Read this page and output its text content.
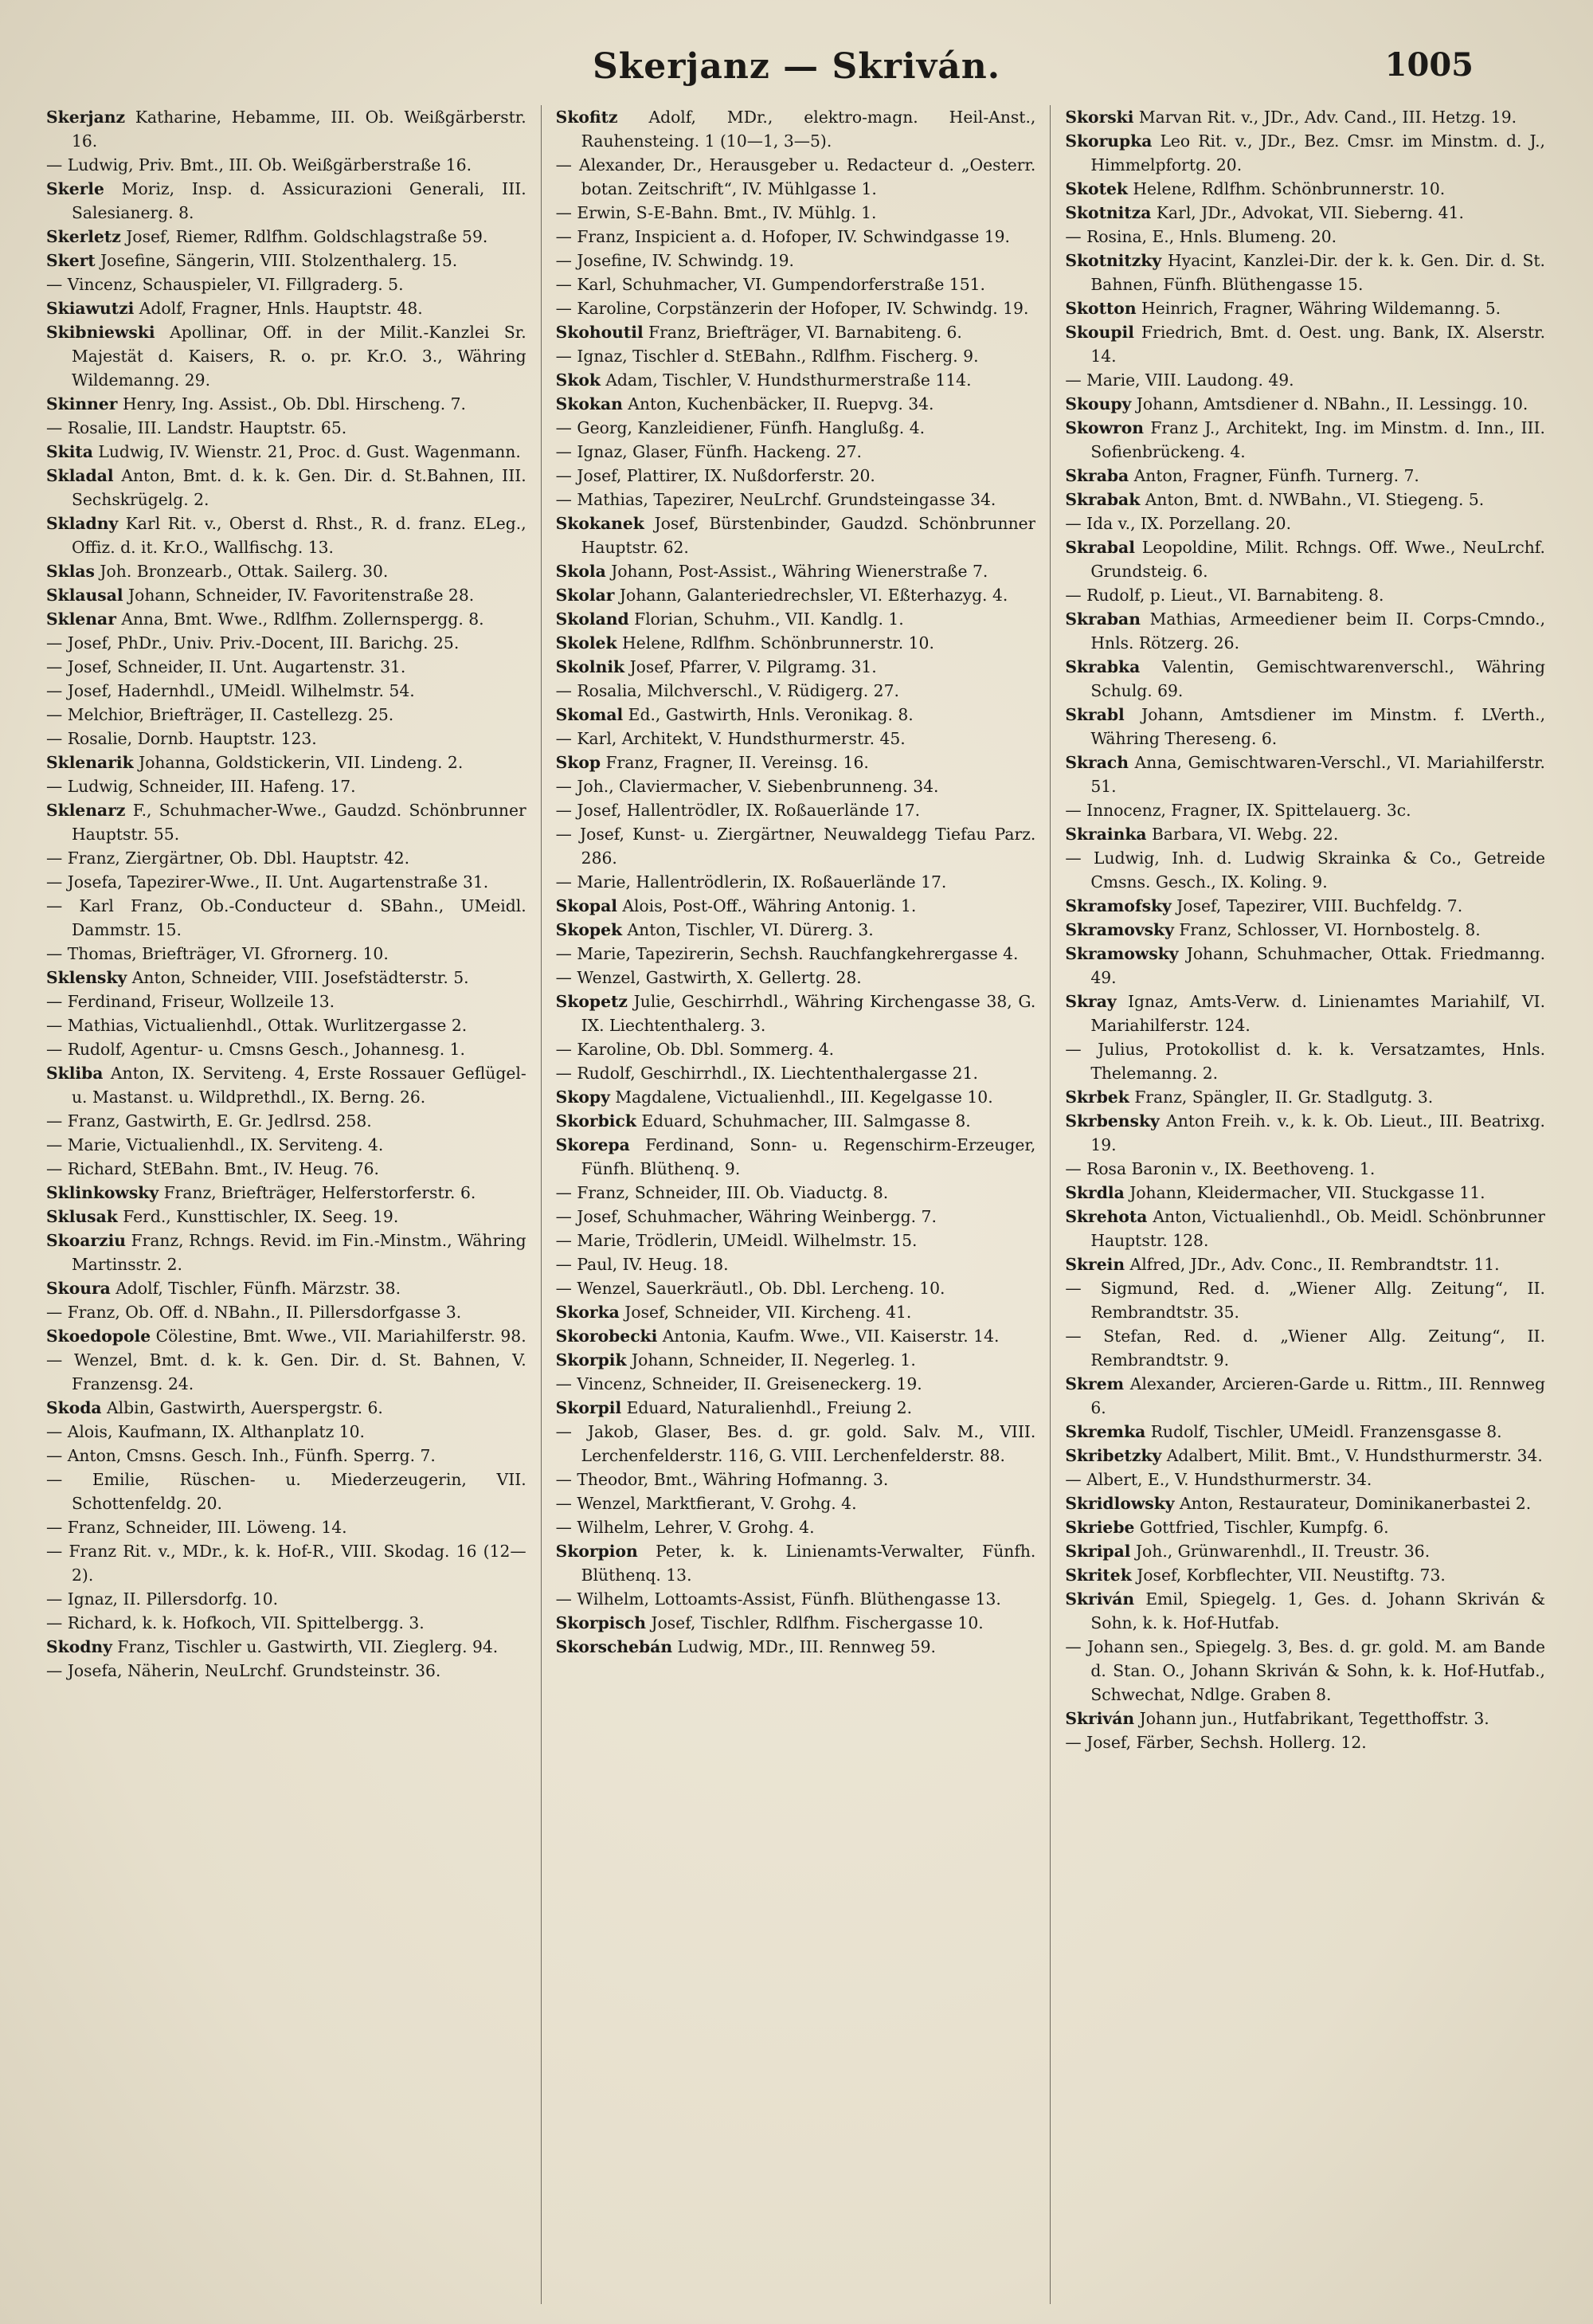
Skerjanz — Skriván.	1005

Skerjanz Katharine, Hebamme, III. Ob. Weißgärberstr. 16.

— Ludwig, Priv. Bmt., III. Ob. Weißgärberstraße 16.

Skerle Moriz, Insp. d. Assicurazioni Generali, III. Salesianerg. 8.

Skerletz Josef, Riemer, Rdlfhm. Goldschlagstraße 59.

Skert Josefine, Sängerin, VIII. Stolzenthalerg. 15.

— Vincenz, Schauspieler, VI. Fillgraderg. 5.

Skiawutzi Adolf, Fragner, Hnls. Hauptstr. 48.

Skibniewski Apollinar, Off. in der Milit.-Kanzlei Sr. Majestät d. Kaisers, R. o. pr. Kr.O. 3., Währing Wildemanng. 29.

Skinner Henry, Ing. Assist., Ob. Dbl. Hirscheng. 7.

— Rosalie, III. Landstr. Hauptstr. 65.

Skita Ludwig, IV. Wienstr. 21, Proc. d. Gust. Wagenmann.

Skladal Anton, Bmt. d. k. k. Gen. Dir. d. St.Bahnen, III. Sechskrügelg. 2.

Skladny Karl Rit. v., Oberst d. Rhst., R. d. franz. ELeg., Offiz. d. it. Kr.O., Wallfischg. 13.

Sklas Joh. Bronzearb., Ottak. Sailerg. 30.

Sklausal Johann, Schneider, IV. Favoritenstraße 28.

Sklenar Anna, Bmt. Wwe., Rdlfhm. Zollernspergg. 8.

— Josef, PhDr., Univ. Priv.-Docent, III. Barichg. 25.

— Josef, Schneider, II. Unt. Augartenstr. 31.

— Josef, Hadernhdl., UMeidl. Wilhelmstr. 54.

— Melchior, Briefträger, II. Castellezg. 25.

— Rosalie, Dornb. Hauptstr. 123.

Sklenarik Johanna, Goldstickerin, VII. Lindeng. 2.

— Ludwig, Schneider, III. Hafeng. 17.

Sklenarz F., Schuhmacher-Wwe., Gaudzd. Schönbrunner Hauptstr. 55.

— Franz, Ziergärtner, Ob. Dbl. Hauptstr. 42.

— Josefa, Tapezirer-Wwe., II. Unt. Augartenstraße 31.

— Karl Franz, Ob.-Conducteur d. SBahn., UMeidl. Dammstr. 15.

— Thomas, Briefträger, VI. Gfrornerg. 10.

Sklensky Anton, Schneider, VIII. Josefstädterstr. 5.

— Ferdinand, Friseur, Wollzeile 13.

— Mathias, Victualienhdl., Ottak. Wurlitzergasse 2.

— Rudolf, Agentur- u. Cmsns Gesch., Johannesg. 1.

Skliba Anton, IX. Serviteng. 4, Erste Rossauer Geflügel- u. Mastanst. u. Wildprethdl., IX. Berng. 26.

— Franz, Gastwirth, E. Gr. Jedlrsd. 258.

— Marie, Victualienhdl., IX. Serviteng. 4.

— Richard, StEBahn. Bmt., IV. Heug. 76.

Sklinkowsky Franz, Briefträger, Helferstorferstr. 6.

Sklusak Ferd., Kunsttischler, IX. Seeg. 19.

Skoarziu Franz, Rchngs. Revid. im Fin.-Minstm., Währing Martinsstr. 2.

Skoura Adolf, Tischler, Fünfh. Märzstr. 38.

— Franz, Ob. Off. d. NBahn., II. Pillersdorfgasse 3.

Skoedopole Cölestine, Bmt. Wwe., VII. Mariahilferstr. 98.

— Wenzel, Bmt. d. k. k. Gen. Dir. d. St. Bahnen, V. Franzensg. 24.

Skoda Albin, Gastwirth, Auerspergstr. 6.

— Alois, Kaufmann, IX. Althanplatz 10.

— Anton, Cmsns. Gesch. Inh., Fünfh. Sperrg. 7.

— Emilie, Rüschen- u. Miederzeugerin, VII. Schottenfeldg. 20.

— Franz, Schneider, III. Löweng. 14.

— Franz Rit. v., MDr., k. k. Hof-R., VIII. Skodag. 16 (12—2).

— Ignaz, II. Pillersdorfg. 10.

— Richard, k. k. Hofkoch, VII. Spittelbergg. 3.

Skodny Franz, Tischler u. Gastwirth, VII. Zieglerg. 94.

— Josefa, Näherin, NeuLrchf. Grundsteinstr. 36.

Skofitz Adolf, MDr., elektro-magn. Heil-Anst., Rauhensteing. 1 (10—1, 3—5).

— Alexander, Dr., Herausgeber u. Redacteur d. „Oesterr. botan. Zeitschrift“, IV. Mühlgasse 1.

— Erwin, S-E-Bahn. Bmt., IV. Mühlg. 1.

— Franz, Inspicient a. d. Hofoper, IV. Schwindgasse 19.

— Josefine, IV. Schwindg. 19.

— Karl, Schuhmacher, VI. Gumpendorferstraße 151.

— Karoline, Corpstänzerin der Hofoper, IV. Schwindg. 19.

Skohoutil Franz, Briefträger, VI. Barnabiteng. 6.

— Ignaz, Tischler d. StEBahn., Rdlfhm. Fischerg. 9.

Skok Adam, Tischler, V. Hundsthurmerstraße 114.

Skokan Anton, Kuchenbäcker, II. Ruepvg. 34.

— Georg, Kanzleidiener, Fünfh. Hanglußg. 4.

— Ignaz, Glaser, Fünfh. Hackeng. 27.

— Josef, Plattirer, IX. Nußdorferstr. 20.

— Mathias, Tapezirer, NeuLrchf. Grundsteingasse 34.

Skokanek Josef, Bürstenbinder, Gaudzd. Schönbrunner Hauptstr. 62.

Skola Johann, Post-Assist., Währing Wienerstraße 7.

Skolar Johann, Galanteriedrechsler, VI. Eßterhazyg. 4.

Skoland Florian, Schuhm., VII. Kandlg. 1.

Skolek Helene, Rdlfhm. Schönbrunnerstr. 10.

Skolnik Josef, Pfarrer, V. Pilgramg. 31.

— Rosalia, Milchverschl., V. Rüdigerg. 27.

Skomal Ed., Gastwirth, Hnls. Veronikag. 8.

— Karl, Architekt, V. Hundsthurmerstr. 45.

Skop Franz, Fragner, II. Vereinsg. 16.

— Joh., Claviermacher, V. Siebenbrunneng. 34.

— Josef, Hallentrödler, IX. Roßauerlände 17.

— Josef, Kunst- u. Ziergärtner, Neuwaldegg Tiefau Parz. 286.

— Marie, Hallentrödlerin, IX. Roßauerlände 17.

Skopal Alois, Post-Off., Währing Antonig. 1.

Skopek Anton, Tischler, VI. Dürerg. 3.

— Marie, Tapezirerin, Sechsh. Rauchfangkehrergasse 4.

— Wenzel, Gastwirth, X. Gellertg. 28.

Skopetz Julie, Geschirrhdl., Währing Kirchengasse 38, G. IX. Liechtenthalerg. 3.

— Karoline, Ob. Dbl. Sommerg. 4.

— Rudolf, Geschirrhdl., IX. Liechtenthalergasse 21.

Skopy Magdalene, Victualienhdl., III. Kegelgasse 10.

Skorbick Eduard, Schuhmacher, III. Salmgasse 8.

Skorepa Ferdinand, Sonn- u. Regenschirm-Erzeuger, Fünfh. Blüthenq. 9.

— Franz, Schneider, III. Ob. Viaductg. 8.

— Josef, Schuhmacher, Währing Weinbergg. 7.

— Marie, Trödlerin, UMeidl. Wilhelmstr. 15.

— Paul, IV. Heug. 18.

— Wenzel, Sauerkräutl., Ob. Dbl. Lercheng. 10.

Skorka Josef, Schneider, VII. Kircheng. 41.

Skorobecki Antonia, Kaufm. Wwe., VII. Kaiserstr. 14.

Skorpik Johann, Schneider, II. Negerleg. 1.

— Vincenz, Schneider, II. Greiseneckerg. 19.

Skorpil Eduard, Naturalienhdl., Freiung 2.

— Jakob, Glaser, Bes. d. gr. gold. Salv. M., VIII. Lerchenfelderstr. 116, G. VIII. Lerchenfelderstr. 88.

— Theodor, Bmt., Währing Hofmanng. 3.

— Wenzel, Marktfierant, V. Grohg. 4.

— Wilhelm, Lehrer, V. Grohg. 4.

Skorpion Peter, k. k. Linienamts-Verwalter, Fünfh. Blüthenq. 13.

— Wilhelm, Lottoamts-Assist, Fünfh. Blüthengasse 13.

Skorpisch Josef, Tischler, Rdlfhm. Fischergasse 10.

Skorschebán Ludwig, MDr., III. Rennweg 59.

Skorski Marvan Rit. v., JDr., Adv. Cand., III. Hetzg. 19.

Skorupka Leo Rit. v., JDr., Bez. Cmsr. im Minstm. d. J., Himmelpfortg. 20.

Skotek Helene, Rdlfhm. Schönbrunnerstr. 10.

Skotnitza Karl, JDr., Advokat, VII. Sieberng. 41.

— Rosina, E., Hnls. Blumeng. 20.

Skotnitzky Hyacint, Kanzlei-Dir. der k. k. Gen. Dir. d. St. Bahnen, Fünfh. Blüthengasse 15.

Skotton Heinrich, Fragner, Währing Wildemanng. 5.

Skoupil Friedrich, Bmt. d. Oest. ung. Bank, IX. Alserstr. 14.

— Marie, VIII. Laudong. 49.

Skoupy Johann, Amtsdiener d. NBahn., II. Lessingg. 10.

Skowron Franz J., Architekt, Ing. im Minstm. d. Inn., III. Sofienbrückeng. 4.

Skraba Anton, Fragner, Fünfh. Turnerg. 7.

Skrabak Anton, Bmt. d. NWBahn., VI. Stiegeng. 5.

— Ida v., IX. Porzellang. 20.

Skrabal Leopoldine, Milit. Rchngs. Off. Wwe., NeuLrchf. Grundsteig. 6.

— Rudolf, p. Lieut., VI. Barnabiteng. 8.

Skraban Mathias, Armeediener beim II. Corps-Cmndo., Hnls. Rötzerg. 26.

Skrabka Valentin, Gemischtwarenverschl., Währing Schulg. 69.

Skrabl Johann, Amtsdiener im Minstm. f. LVerth., Währing Thereseng. 6.

Skrach Anna, Gemischtwaren-Verschl., VI. Mariahilferstr. 51.

— Innocenz, Fragner, IX. Spittelauerg. 3c.

Skrainka Barbara, VI. Webg. 22.

— Ludwig, Inh. d. Ludwig Skrainka & Co., Getreide Cmsns. Gesch., IX. Koling. 9.

Skramofsky Josef, Tapezirer, VIII. Buchfeldg. 7.

Skramovsky Franz, Schlosser, VI. Hornbostelg. 8.

Skramowsky Johann, Schuhmacher, Ottak. Friedmanng. 49.

Skray Ignaz, Amts-Verw. d. Linienamtes Mariahilf, VI. Mariahilferstr. 124.

— Julius, Protokollist d. k. k. Versatzamtes, Hnls. Thelemanng. 2.

Skrbek Franz, Spängler, II. Gr. Stadlgutg. 3.

Skrbensky Anton Freih. v., k. k. Ob. Lieut., III. Beatrixg. 19.

— Rosa Baronin v., IX. Beethoveng. 1.

Skrdla Johann, Kleidermacher, VII. Stuckgasse 11.

Skrehota Anton, Victualienhdl., Ob. Meidl. Schönbrunner Hauptstr. 128.

Skrein Alfred, JDr., Adv. Conc., II. Rembrandtstr. 11.

— Sigmund, Red. d. „Wiener Allg. Zeitung“, II. Rembrandtstr. 35.

— Stefan, Red. d. „Wiener Allg. Zeitung“, II. Rembrandtstr. 9.

Skrem Alexander, Arcieren-Garde u. Rittm., III. Rennweg 6.

Skremka Rudolf, Tischler, UMeidl. Franzensgasse 8.

Skribetzky Adalbert, Milit. Bmt., V. Hundsthurmerstr. 34.

— Albert, E., V. Hundsthurmerstr. 34.

Skridlowsky Anton, Restaurateur, Dominikanerbastei 2.

Skriebe Gottfried, Tischler, Kumpfg. 6.

Skripal Joh., Grünwarenhdl., II. Treustr. 36.

Skritek Josef, Korbflechter, VII. Neustiftg. 73.

Skriván Emil, Spiegelg. 1, Ges. d. Johann Skriván & Sohn, k. k. Hof-Hutfab.

— Johann sen., Spiegelg. 3, Bes. d. gr. gold. M. am Bande d. Stan. O., Johann Skriván & Sohn, k. k. Hof-Hutfab., Schwechat, Ndlge. Graben 8.

Skriván Johann jun., Hutfabrikant, Tegetthoffstr. 3.

— Josef, Färber, Sechsh. Hollerg. 12.
